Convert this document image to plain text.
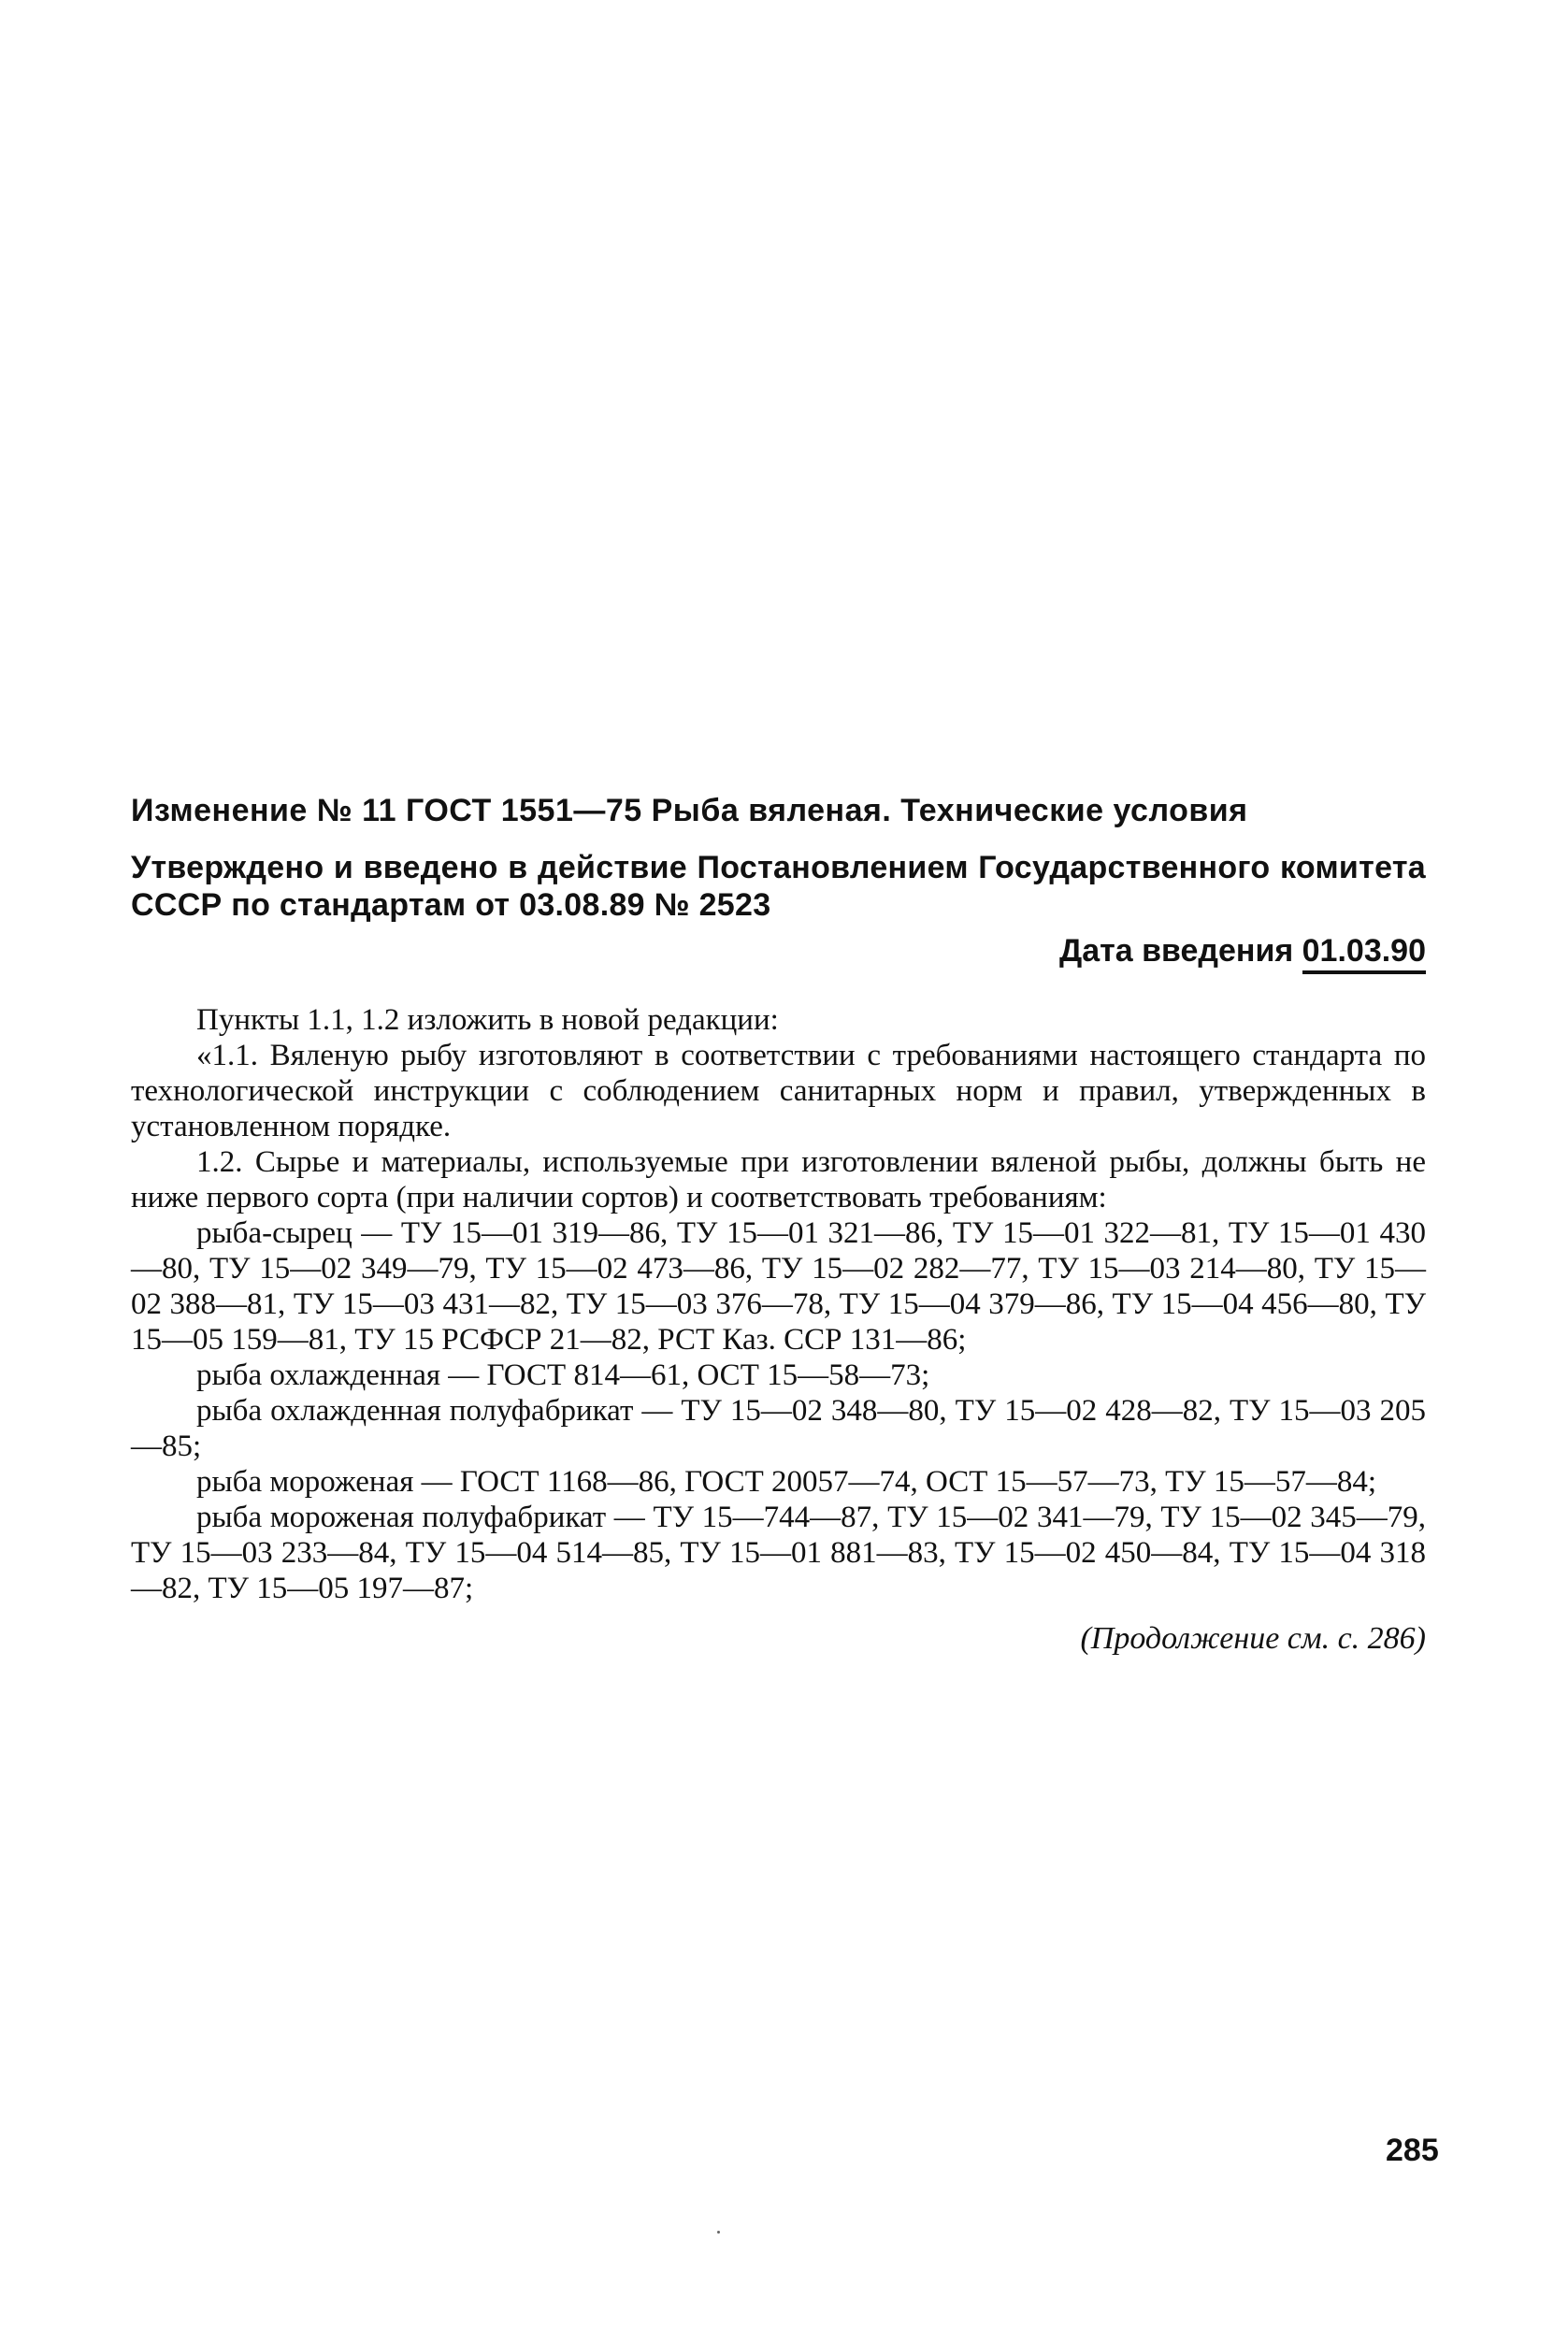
Изменение № 11 ГОСТ 1551—75 Рыба вяленая. Технические условия

Утверждено и введено в действие Постановлением Государственного комитета СССР по стандартам от 03.08.89 № 2523

Дата введения 01.03.90

Пункты 1.1, 1.2 изложить в новой редакции:

«1.1. Вяленую рыбу изготовляют в соответствии с требованиями настоящего стандарта по технологической инструкции с соблюдением санитарных норм и правил, утвержденных в установленном порядке.

1.2. Сырье и материалы, используемые при изготовлении вяленой рыбы, должны быть не ниже первого сорта (при наличии сортов) и соответствовать требованиям:

рыба-сырец — ТУ 15—01 319—86, ТУ 15—01 321—86, ТУ 15—01 322—81, ТУ 15—01 430—80, ТУ 15—02 349—79, ТУ 15—02 473—86, ТУ 15—02 282—77, ТУ 15—03 214—80, ТУ 15—02 388—81, ТУ 15—03 431—82, ТУ 15—03 376—78, ТУ 15—04 379—86, ТУ 15—04 456—80, ТУ 15—05 159—81, ТУ 15 РСФСР 21—82, РСТ Каз. ССР 131—86;

рыба охлажденная — ГОСТ 814—61, ОСТ 15—58—73;

рыба охлажденная полуфабрикат — ТУ 15—02 348—80, ТУ 15—02 428—82, ТУ 15—03 205—85;

рыба мороженая — ГОСТ 1168—86, ГОСТ 20057—74, ОСТ 15—57—73, ТУ 15—57—84;

рыба мороженая полуфабрикат — ТУ 15—744—87, ТУ 15—02 341—79, ТУ 15—02 345—79, ТУ 15—03 233—84, ТУ 15—04 514—85, ТУ 15—01 881—83, ТУ 15—02 450—84, ТУ 15—04 318—82, ТУ 15—05 197—87;

(Продолжение см. с. 286)
285
